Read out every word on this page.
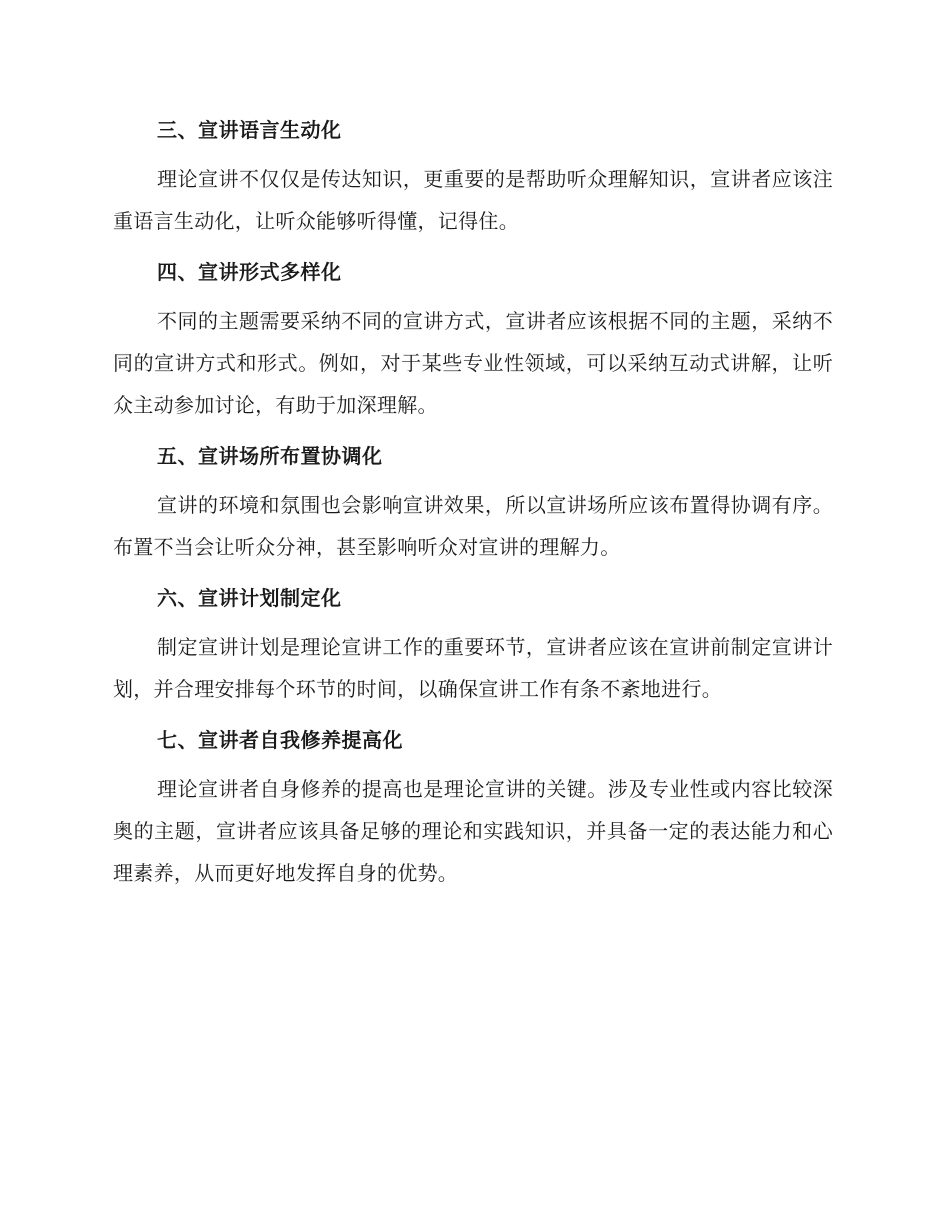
三、宣讲语言生动化

理论宣讲不仅仅是传达知识，更重要的是帮助听众理解知识，宣讲者应该注重语言生动化，让听众能够听得懂，记得住。

四、宣讲形式多样化

不同的主题需要采纳不同的宣讲方式，宣讲者应该根据不同的主题，采纳不同的宣讲方式和形式。例如，对于某些专业性领域，可以采纳互动式讲解，让听众主动参加讨论，有助于加深理解。

五、宣讲场所布置协调化

宣讲的环境和氛围也会影响宣讲效果，所以宣讲场所应该布置得协调有序。布置不当会让听众分神，甚至影响听众对宣讲的理解力。

六、宣讲计划制定化

制定宣讲计划是理论宣讲工作的重要环节，宣讲者应该在宣讲前制定宣讲计划，并合理安排每个环节的时间，以确保宣讲工作有条不紊地进行。

七、宣讲者自我修养提高化

理论宣讲者自身修养的提高也是理论宣讲的关键。涉及专业性或内容比较深奥的主题，宣讲者应该具备足够的理论和实践知识，并具备一定的表达能力和心理素养，从而更好地发挥自身的优势。
